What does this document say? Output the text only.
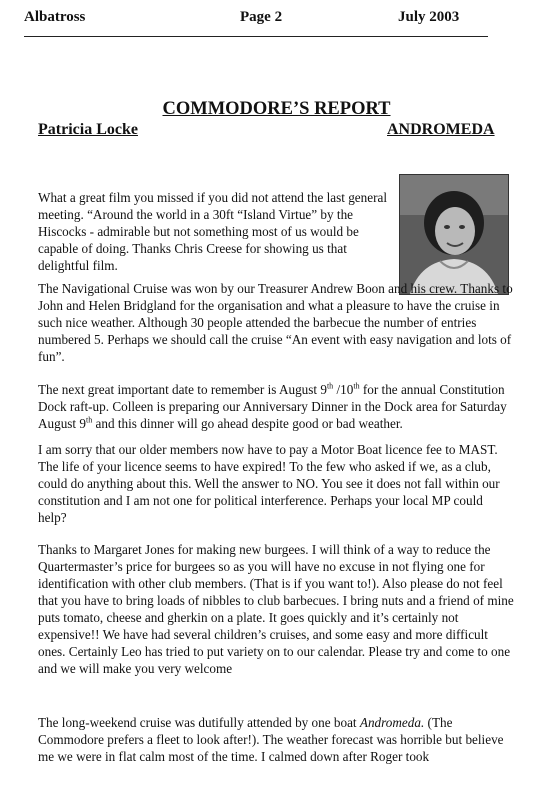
Albatross	Page 2	July 2003
COMMODORE’S REPORT
Patricia Locke	ANDROMEDA

What a great film you missed if you did not attend the last general meeting. “Around the world in a 30ft “Island Virtue” by the Hiscocks - admirable but not something most of us would be capable of doing. Thanks Chris Creese for showing us that delightful film.

The Navigational Cruise was won by our Treasurer Andrew Boon and his crew. Thanks to John and Helen Bridgland for the organisation and what a pleasure to have the cruise in such nice weather. Although 30 people attended the barbecue the number of entries numbered 5. Perhaps we should call the cruise “An event with easy navigation and lots of fun”.

The next great important date to remember is August 9th /10th for the annual Constitution Dock raft-up. Colleen is preparing our Anniversary Dinner in the Dock area for Saturday August 9th and this dinner will go ahead despite good or bad weather.

I am sorry that our older members now have to pay a Motor Boat licence fee to MAST. The life of your licence seems to have expired! To the few who asked if we, as a club, could do anything about this. Well the answer to NO. You see it does not fall within our constitution and I am not one for political interference. Perhaps your local MP could help?

Thanks to Margaret Jones for making new burgees. I will think of a way to reduce the Quartermaster’s price for burgees so as you will have no excuse in not flying one for identification with other club members. (That is if you want to!). Also please do not feel that you have to bring loads of nibbles to club barbecues. I bring nuts and a friend of mine puts tomato, cheese and gherkin on a plate. It goes quickly and it’s certainly not expensive!! We have had several children’s cruises, and some easy and more difficult ones. Certainly Leo has tried to put variety on to our calendar. Please try and come to one and we will make you very welcome

The long-weekend cruise was dutifully attended by one boat Andromeda. (The Commodore prefers a fleet to look after!). The weather forecast was horrible but believe me we were in flat calm most of the time. I calmed down after Roger took
